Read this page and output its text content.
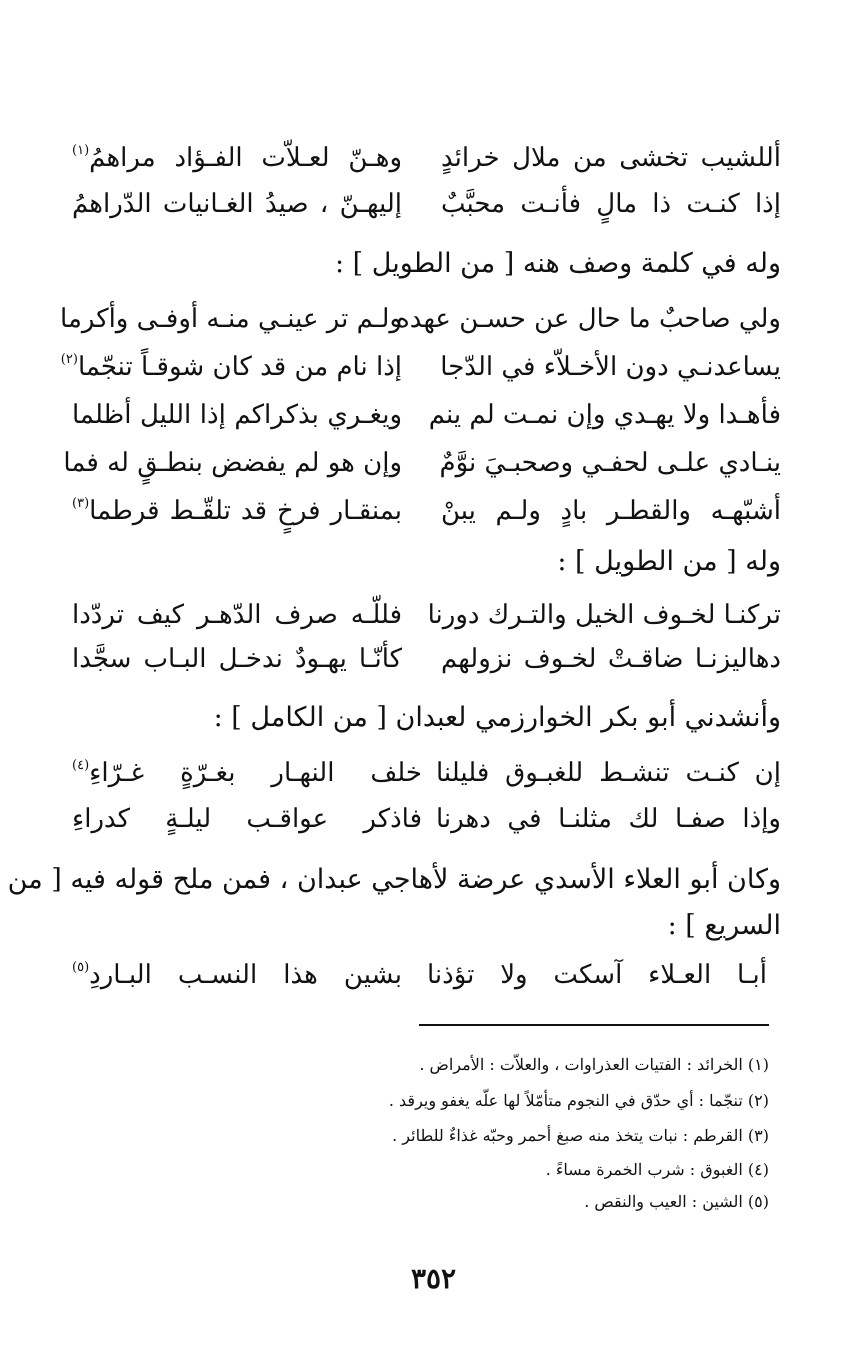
أللشيب تخشى من ملال خرائدٍ
وهـنّ لعـلاّت الفـؤاد مراهمُ$^{(١)}$
إذا كنـت ذا مالٍ فأنـت محبَّبٌ
إليهـنّ ، صيدُ الغـانيات الدّراهمُ
وله في كلمة وصف هنه [ من الطويل ] :
ولي صاحبٌ ما حال عن حسـن عهده
ولـم تر عينـي منـه أوفـى وأكرما
يساعدنـي دون الأخـلاّء في الدّجا
إذا نام من قد كان شوقـاً تنجّما$^{(٢)}$
فأهـدا ولا يهـدي وإن نمـت لم ينم
ويغـري بذكراكم إذا الليل أظلما
ينـادي علـى لحفـي وصحبـيَ نوَّمٌ
وإن هو لم يفضض بنطـقٍ له فما
أشبّهـه والقطـر بادٍ ولـم يبنْ
بمنقـار فرخٍ قد تلقّـط قرطما$^{(٣)}$
وله [ من الطويل ] :
تركنـا لخـوف الخيل والتـرك دورنا
فللّـه صرف الدّهـر كيف تردّدا
دهاليزنـا ضاقـتْ لخـوف نزولهم
كأنّـا يهـودٌ ندخـل البـاب سجَّدا
وأنشدني أبو بكر الخوارزمي لعبدان [ من الكامل ] :
إن كنـت تنشـط للغبـوق فليلنا
خلف النهـار بغـرّةٍ غـرّاءِ$^{(٤)}$
وإذا صفـا لك مثلنـا في دهرنا
فاذكر عواقـب ليلـةٍ كدراءِ
وكان أبو العلاء الأسدي عرضة لأهاجي عبدان ، فمن ملح قوله فيه [ من
السريع ] :
أبـا العـلاء آسكت ولا تؤذنا
بشين هذا النسـب البـاردِ$^{(٥)}$
(١) الخرائد : الفتيات العذراوات ، والعلاّت : الأمراض .
(٢) تنجّما : أي حدّق في النجوم متأمّلاً لها علّه يغفو ويرقد .
(٣) القرطم : نبات يتخذ منه صبغ أحمر وحبّه غذاءٌ للطائر .
(٤) الغبوق : شرب الخمرة مساءً .
(٥) الشين : العيب والنقص .
٣٥٢
